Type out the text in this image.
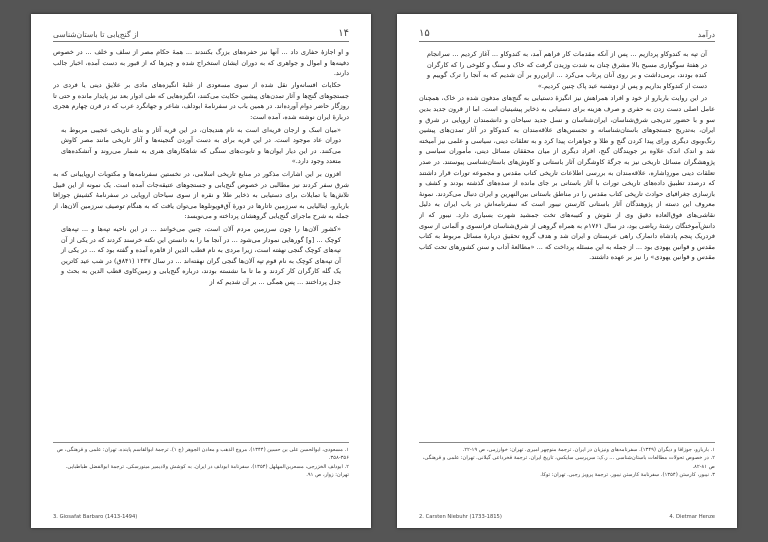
۱۴
از گنج‌یابی تا باستان‌شناسی

و او اجازهٔ حفاری داد ... آنها نیز حفره‌های بزرگ بکنندند ... همهٔ حکام مصر از سلف و خلف ... در خصوص دفینه‌ها و اموال و جواهری که به دوران ایشان استخراج شده و چیزها که از قبور به دست آمده، اخبار جالب دارند.

حکایات افسانه‌وار نقل شده از سوی مسعودی از غلبهٔ انگیزه‌های مادی بر علایق دینی یا فردی در جستجوهای گنج‌ها و آثار تمدن‌های پیشین حکایت می‌کنند، انگیزه‌هایی که طی ادوار بعد نیز پایدار مانده و حتی تا روزگار حاضر دوام آورده‌اند. در همین باب در سفرنامهٔ ابودلف، شاعر و جهانگرد عرب که در قرن چهارم هجری دربارهٔ ایران نوشته شده، آمده است:

«میان اسک و ارجان قریه‌ای است به نام هندیجان، در این قریه آثار و بنای تاریخی عجیبی مربوط به دوران عاد موجود است. در این قریه برای به دست آوردن گنجینه‌ها و آثار تاریخی مانند مصر کاوش می‌کنند. در این دیار ایوان‌ها و تابوت‌های سنگی که شاهکارهای هنری به شمار می‌روند و آتشکده‌های متعدد وجود دارد.»

افزون بر این اشارات مذکور در منابع تاریخی اسلامی، در نخستین سفرنامه‌ها و مکتوبات اروپاییانی که به شرق سفر کردند نیز مطالبی در خصوص گنج‌یابی و جستجوهای عتیقه‌جات آمده است. یک نمونه از این قبیل تلاش‌ها یا تمایلات برای دستیابی به ذخایر طلا و نقره از سوی سیاحان اروپایی در سفرنامهٔ کشیش جوزافا باربارو، ایتالیایی به سرزمین تاتارها در دورهٔ آق‌قویونلوها می‌توان یافت که به هنگام توصیف سرزمین آلان‌ها، از جمله به شرح ماجرای گنج‌یابی گروهشان پرداخته و می‌نویسد:

«کشور آلان‌ها را چون سرزمین مردم آلان است، چنین می‌خوانند ... در این ناحیه تپه‌ها و ... تپه‌های کوچک ... [و] گورهایی نمودار می‌شود ... در آنجا ما را به دانستن این نکته خرسند کردند که در یکی از آن تپه‌های کوچک گنجی نهفته است، زیرا مردی به نام قطب الدین از قاهره آمده و گفته بود که ... در یکی از آن تپه‌های کوچک به نام قوم تپه آلان‌ها گنجی گران نهفته‌اند ... در سال ۱۴۳۷ (۸۴۱ق) در شب عید کاترین یک گله کارگران کار کردند و ما تا ما نشسته بودند، درباره گنج‌یابی و زمین‌کاوی قطب الدین به بحث و جدل پرداختند ... پس همگی ... بر آن شدیم که از

۱. مسعودی، ابوالحسن علی بن حسین (۱۳۴۴). مروج الذهب و معادن الجوهر (ج ۱). ترجمهٔ ابوالقاسم پاینده. تهران: علمی و فرهنگی، ص ۳۵۶-۳۵۸.

۲. ابودلف الخزرجی، مسعربن‌المهلهل (۱۳۵۴). سفرنامهٔ ابودلف در ایران. به کوشش ولادیمیر مینورسکی. ترجمهٔ ابوالفضل طباطبایی. تهران: زوار، ص ۹۱.

3. Giosafat Barbaro (1413-1494)
درآمد
۱۵

آن تپه به کندوکاو پردازیم ... پس از آنکه مقدمات کار فراهم آمد، به کندوکاو ... آغاز کردیم ... سرانجام در هفتهٔ سوگواری مسیح بالا مشرق چنان به شدت وزیدن گرفت که خاک و سنگ و کلوخی را که کارگران کنده بودند، برمی‌داشت و بر روی آنان پرتاب می‌کرد ... ازاین‌رو بر آن شدیم که به آنجا را ترک گوییم و دست از کندوکاو بداریم و پس از دوشنبه عید پاک چنین کردیم.»

در این روایت باربارو از خود و افراد همراهش نیز انگیزهٔ دستیابی به گنج‌های مدفون شده در خاک، همچنان عامل اصلی دست زدن به حفری و صرف هزینه برای دستیابی به ذخایر پیشینیان است. اما از قرون جدید بدین سو و با حضور تدریجی شرق‌شناسان، ایران‌شناسان و نسل جدید سیاحان و دانشمندان اروپایی در شرق و ایران، به‌تدریج جستجوهای باستان‌شناسانه و تجسس‌های علاقه‌مندان به کندوکاو در آثار تمدن‌های پیشین رنگ‌وبوی دیگری ورای پیدا کردن گنج و طلا و جواهرات پیدا کرد و به تعلقات دینی، سیاسی و علمی نیز آمیخته شد و اندک اندک علاوه بر جویندگان گنج، افراد دیگری از میان محققان مسائل دینی، مأموران سیاسی و پژوهشگران مسائل تاریخی نیز به جرگهٔ کاوشگران آثار باستانی و کاوش‌های باستان‌شناسی پیوستند. در صدر تعلقات دینی موردِاشاره، علاقه‌مندان به بررسی اطلاعات تاریخی کتاب مقدس و مجموعه تورات قرار داشتند که درصدد تطبیق داده‌های تاریخی تورات با آثار باستانی بر جای مانده از سده‌های گذشته بودند و کشف و بازسازی جغرافیای حوادث تاریخی کتاب مقدس را در مناطق باستانی بین‌النهرین و ایران دنبال می‌کردند. نمونهٔ معروف این دسته از پژوهندگان آثار باستانی کارستن نیبور است که سفرنامه‌اش در باب ایران به دلیل نقاشی‌های فوق‌العاده دقیق وی از نقوش و کتیبه‌های تخت جمشید شهرت بسیاری دارد. نیبور که از دانش‌آموختگان رشتهٔ ریاضی بود، در سال ۱۷۶۱م به همراه گروهی از شرق‌شناسان فرانسوی و آلمانی از سوی فردریک پنجم پادشاه دانمارک راهی عربستان و ایران شد و هدف گروه تحقیق دربارهٔ مسائل مربوط به کتاب مقدس و قوانین یهودی بود ... از جمله به این مسئله پرداخت که ... «مطالعهٔ آداب و سنن کشورهای تحت کتاب مقدس و قوانین یهودی» را نیز بر عهده داشتند.

۱. باربارو، جوزافا و دیگران (۱۳۴۹). سفرنامه‌های ونیزیان در ایران. ترجمهٔ منوچهر امیری. تهران: خوارزمی، ص ۱۹-۲۲.

۲. در خصوص تحولات مطالعات باستان‌شناسی ... ر.ک: سرپرسی سایکس، تاریخ ایران. ترجمهٔ فخرداعی گیلانی. تهران: علمی و فرهنگی، ص ۸۱-۸۲.

۳. نیبور، کارستن (۱۳۵۴). سفرنامهٔ کارستن نیبور. ترجمهٔ پرویز رجبی. تهران: توکا.

2. Carsten Niebuhr (1733-1815)	4. Dietmar Henze
